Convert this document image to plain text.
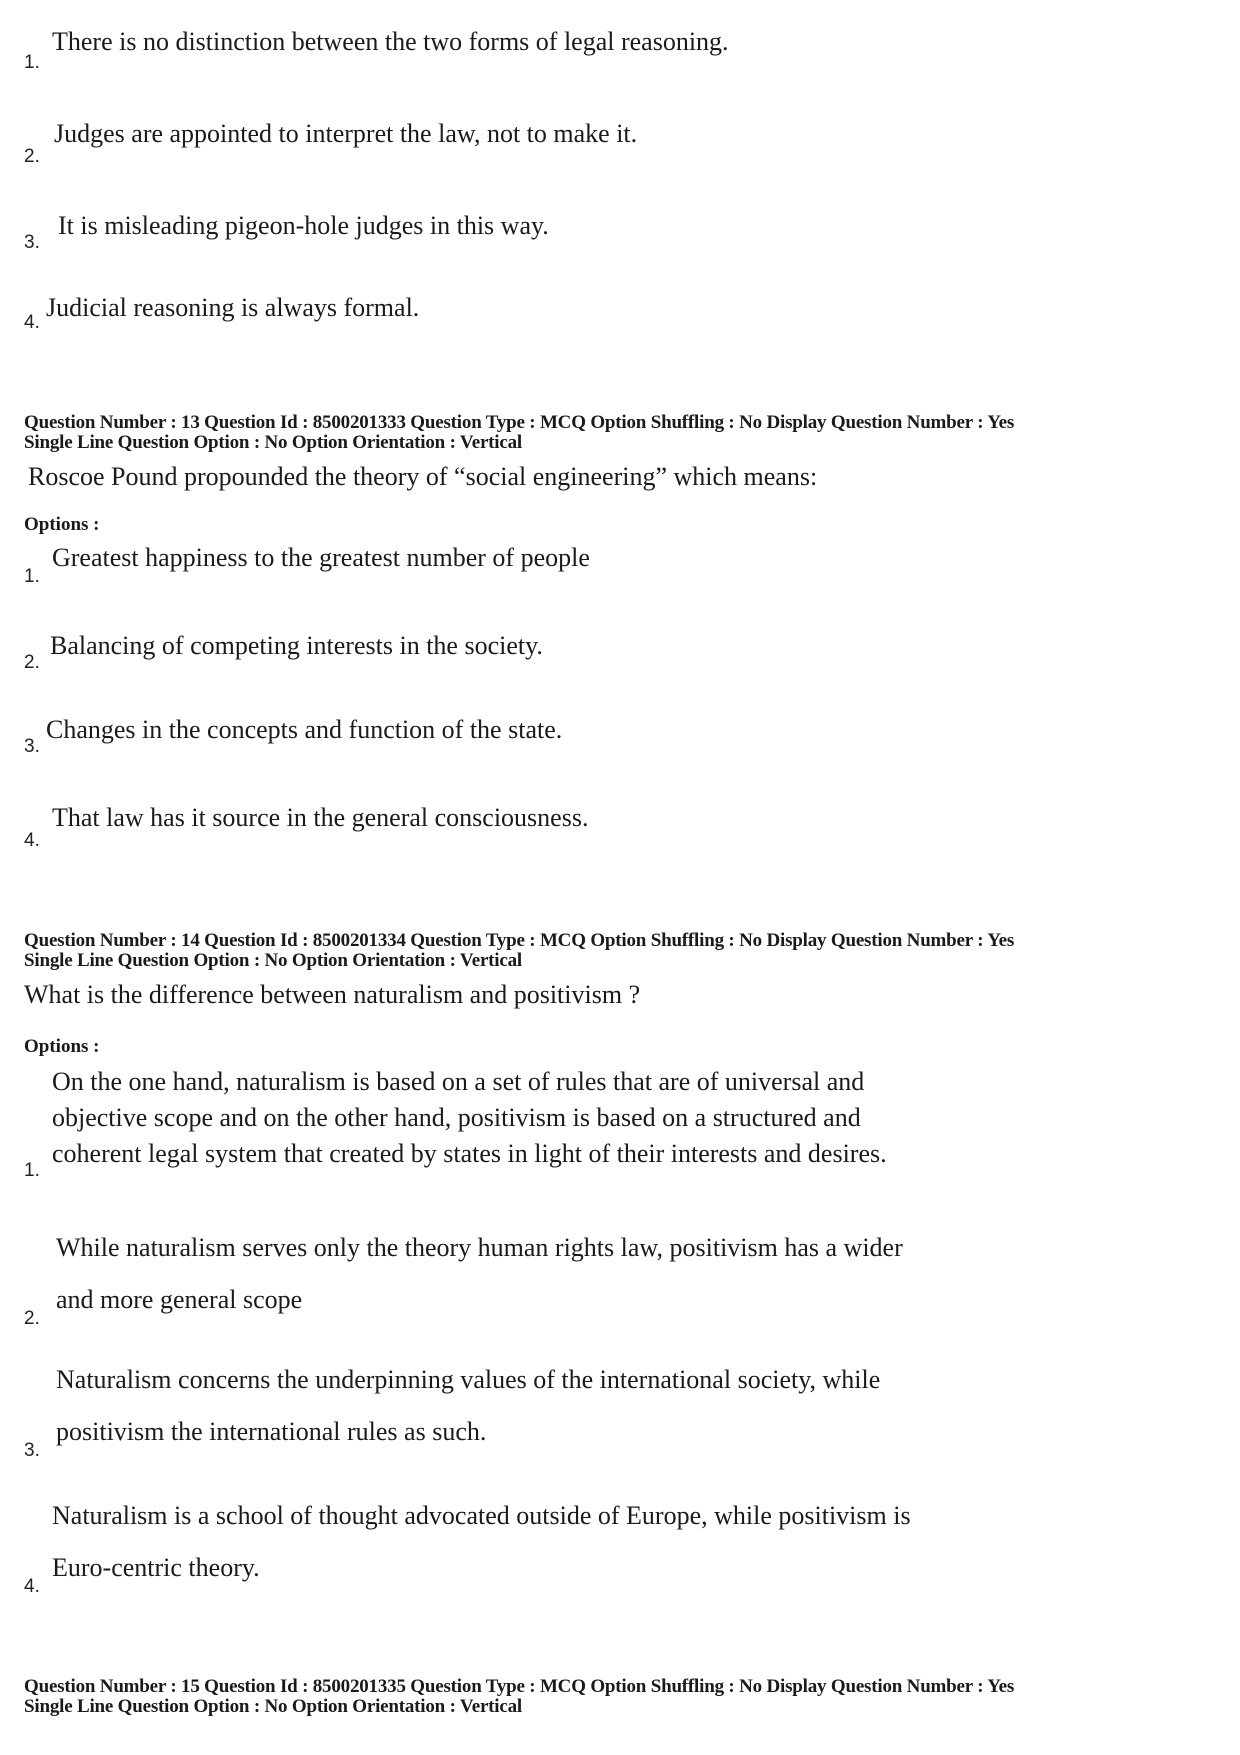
1.
There is no distinction between the two forms of legal reasoning.
2.
Judges are appointed to interpret the law, not to make it.
3.
It is misleading pigeon-hole judges in this way.
4.
Judicial reasoning is always formal.
Question Number : 13 Question Id : 8500201333 Question Type : MCQ Option Shuffling : No Display Question Number : Yes
Single Line Question Option : No Option Orientation : Vertical
Roscoe Pound propounded the theory of “social engineering” which means:
Options :
1.
Greatest happiness to the greatest number of people
2.
Balancing of competing interests in the society.
3.
Changes in the concepts and function of the state.
4.
That law has it source in the general consciousness.
Question Number : 14 Question Id : 8500201334 Question Type : MCQ Option Shuffling : No Display Question Number : Yes
Single Line Question Option : No Option Orientation : Vertical
What is the difference between naturalism and positivism ?
Options :
1.
On the one hand, naturalism is based on a set of rules that are of universal and
objective scope and on the other hand, positivism is based on a structured and
coherent legal system that created by states in light of their interests and desires.
2.
While naturalism serves only the theory human rights law, positivism has a wider
and more general scope
3.
Naturalism concerns the underpinning values of the international society, while
positivism the international rules as such.
4.
Naturalism is a school of thought advocated outside of Europe, while positivism is
Euro-centric theory.
Question Number : 15 Question Id : 8500201335 Question Type : MCQ Option Shuffling : No Display Question Number : Yes
Single Line Question Option : No Option Orientation : Vertical
